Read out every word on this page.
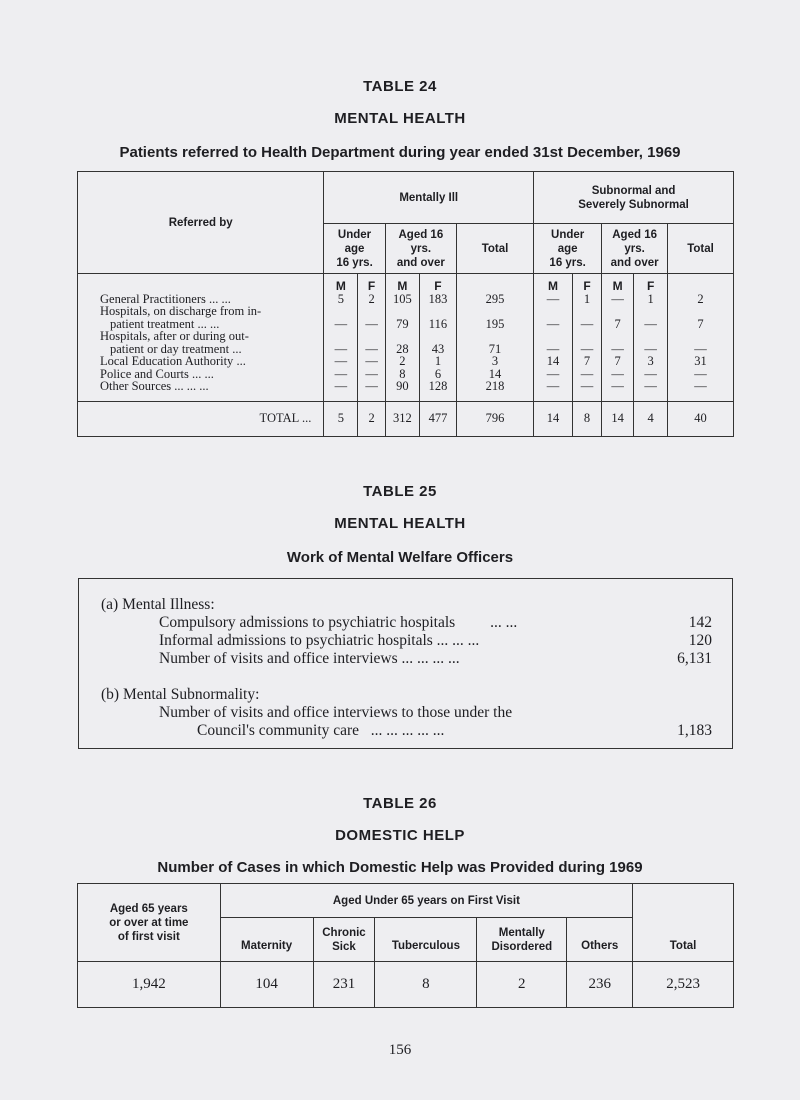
TABLE 24
MENTAL HEALTH
Patients referred to Health Department during year ended 31st December, 1969
Referred by	Mentally Ill					Subnormal and
Severely Subnormal				
	Under
age
16 yrs.		Aged 16
yrs.
and over		Total	Under
age
16 yrs.		Aged 16
yrs.
and over		Total
	M	F	M	F		M	F	M	F	
General Practitioners ... ...	5	2	105	183	295	—	1	—	1	2
Hospitals, on discharge from in-
patient treatment ... ...	—	—	79	116	195	—	—	7	—	7
Hospitals, after or during out-
patient or day treatment ...	—	—	28	43	71	—	—	—	—	—
Local Education Authority ...	—	—	2	1	3	14	7	7	3	31
Police and Courts ... ...	—	—	8	6	14	—	—	—	—	—
Other Sources ... ... ...	—	—	90	128	218	—	—	—	—	—
TOTAL ...	5	2	312	477	796	14	8	14	4	40
TABLE 25
MENTAL HEALTH
Work of Mental Welfare Officers
(a) Mental Illness:
Compulsory admissions to psychiatric hospitals ... ...	142
Informal admissions to psychiatric hospitals ... ... ...	120
Number of visits and office interviews ... ... ... ...	6,131
(b) Mental Subnormality:
Number of visits and office interviews to those under the
Council's community care ... ... ... ... ...	1,183
TABLE 26
DOMESTIC HELP
Number of Cases in which Domestic Help was Provided during 1969
Aged 65 years
or over at time
of first visit	Aged Under 65 years on First Visit					Total
	Maternity	Chronic
Sick	Tuberculous	Mentally
Disordered	Others	
1,942	104	231	8	2	236	2,523
156
